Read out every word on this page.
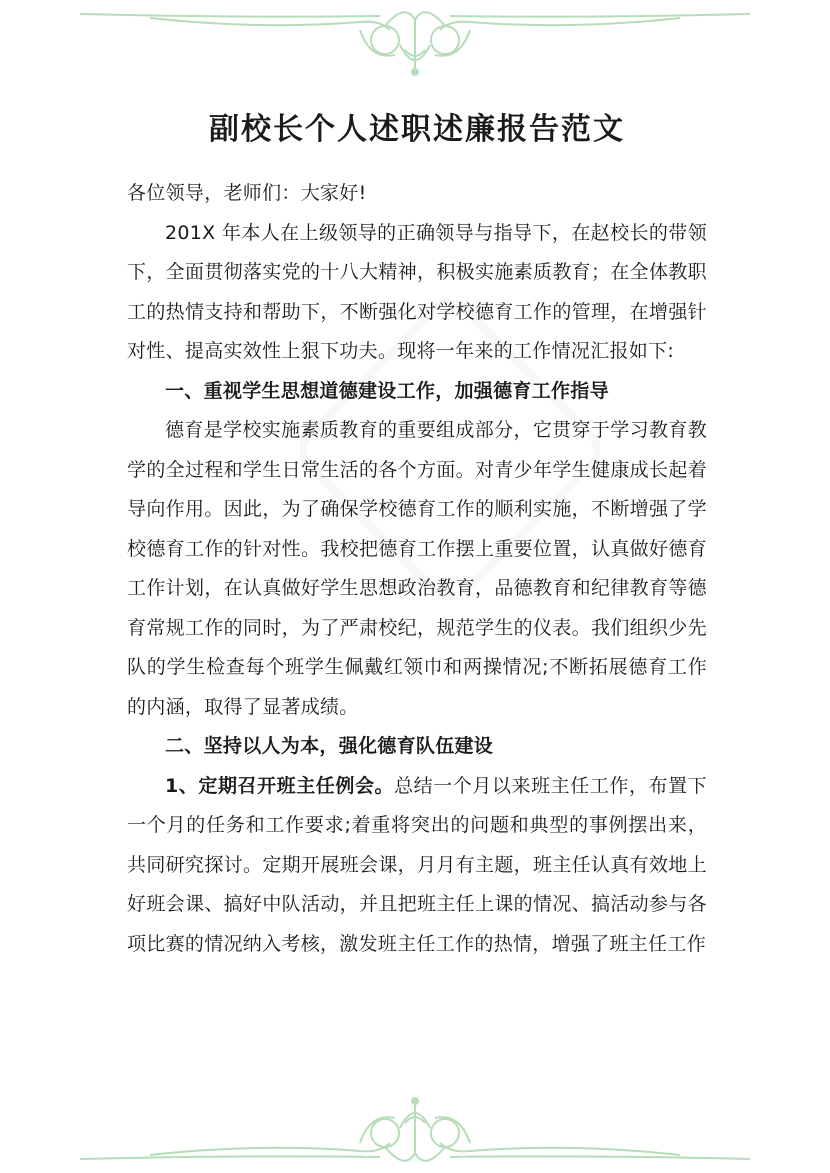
副校长个人述职述廉报告范文

各位领导，老师们：大家好!

201X 年本人在上级领导的正确领导与指导下，在赵校长的带领下，全面贯彻落实党的十八大精神，积极实施素质教育；在全体教职工的热情支持和帮助下，不断强化对学校德育工作的管理，在增强针对性、提高实效性上狠下功夫。现将一年来的工作情况汇报如下:

一、重视学生思想道德建设工作，加强德育工作指导

德育是学校实施素质教育的重要组成部分，它贯穿于学习教育教学的全过程和学生日常生活的各个方面。对青少年学生健康成长起着导向作用。因此，为了确保学校德育工作的顺利实施，不断增强了学校德育工作的针对性。我校把德育工作摆上重要位置，认真做好德育工作计划，在认真做好学生思想政治教育，品德教育和纪律教育等德育常规工作的同时，为了严肃校纪，规范学生的仪表。我们组织少先队的学生检查每个班学生佩戴红领巾和两操情况;不断拓展德育工作的内涵，取得了显著成绩。

二、坚持以人为本，强化德育队伍建设

1、定期召开班主任例会。总结一个月以来班主任工作，布置下一个月的任务和工作要求;着重将突出的问题和典型的事例摆出来，共同研究探讨。定期开展班会课，月月有主题，班主任认真有效地上好班会课、搞好中队活动，并且把班主任上课的情况、搞活动参与各项比赛的情况纳入考核，激发班主任工作的热情，增强了班主任工作
